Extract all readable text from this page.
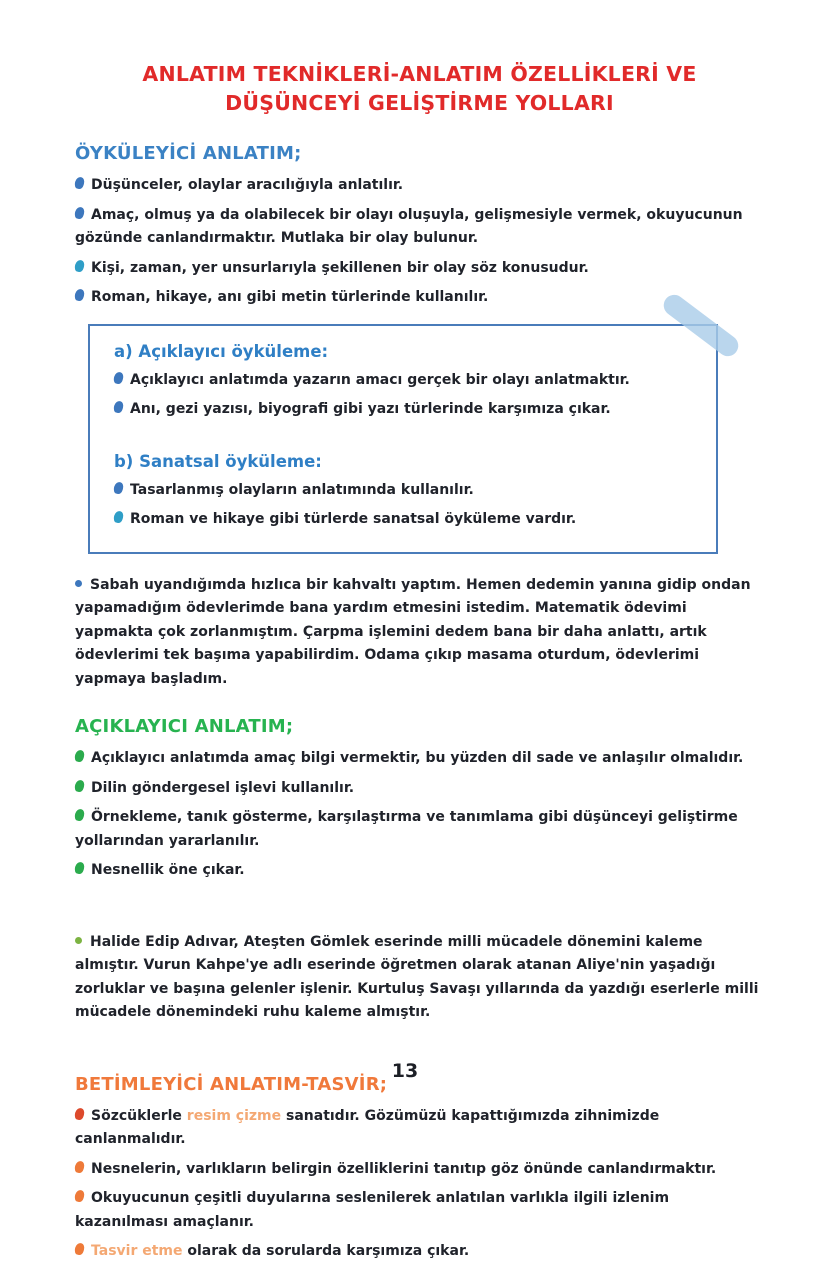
ANLATIM TEKNİKLERİ-ANLATIM ÖZELLİKLERİ VE
DÜŞÜNCEYİ GELİŞTİRME YOLLARI
ÖYKÜLEYİCİ ANLATIM;
Düşünceler, olaylar aracılığıyla anlatılır.
Amaç, olmuş ya da olabilecek bir olayı oluşuyla, gelişmesiyle vermek, okuyucunun gözünde canlandırmaktır. Mutlaka bir olay bulunur.
Kişi, zaman, yer unsurlarıyla şekillenen bir olay söz konusudur.
Roman, hikaye, anı gibi metin türlerinde kullanılır.
a) Açıklayıcı öyküleme:
Açıklayıcı anlatımda yazarın amacı gerçek bir olayı anlatmaktır.
Anı, gezi yazısı, biyografi gibi yazı türlerinde karşımıza çıkar.
b) Sanatsal öyküleme:
Tasarlanmış olayların anlatımında kullanılır.
Roman ve hikaye gibi türlerde sanatsal öyküleme vardır.
Sabah uyandığımda hızlıca bir kahvaltı yaptım. Hemen dedemin yanına gidip ondan yapamadığım ödevlerimde bana yardım etmesini istedim. Matematik ödevimi yapmakta çok zorlanmıştım. Çarpma işlemini dedem bana bir daha anlattı, artık ödevlerimi tek başıma yapabilirdim. Odama çıkıp masama oturdum, ödevlerimi yapmaya başladım.
AÇIKLAYICI ANLATIM;
Açıklayıcı anlatımda amaç bilgi vermektir, bu yüzden dil sade ve anlaşılır olmalıdır.
Dilin göndergesel işlevi kullanılır.
Örnekleme, tanık gösterme, karşılaştırma ve tanımlama gibi düşünceyi geliştirme yollarından yararlanılır.
Nesnellik öne çıkar.
Halide Edip Adıvar, Ateşten Gömlek eserinde milli mücadele dönemini kaleme almıştır. Vurun Kahpe'ye adlı eserinde öğretmen olarak atanan Aliye'nin yaşadığı zorluklar ve başına gelenler işlenir. Kurtuluş Savaşı yıllarında da yazdığı eserlerle milli mücadele dönemindeki ruhu kaleme almıştır.
BETİMLEYİCİ ANLATIM-TASVİR;
Sözcüklerle resim çizme sanatıdır. Gözümüzü kapattığımızda zihnimizde canlanmalıdır.
Nesnelerin, varlıkların belirgin özelliklerini tanıtıp göz önünde canlandırmaktır.
Okuyucunun çeşitli duyularına seslenilerek anlatılan varlıkla ilgili izlenim kazanılması amaçlanır.
Tasvir etme olarak da sorularda karşımıza çıkar.
13
